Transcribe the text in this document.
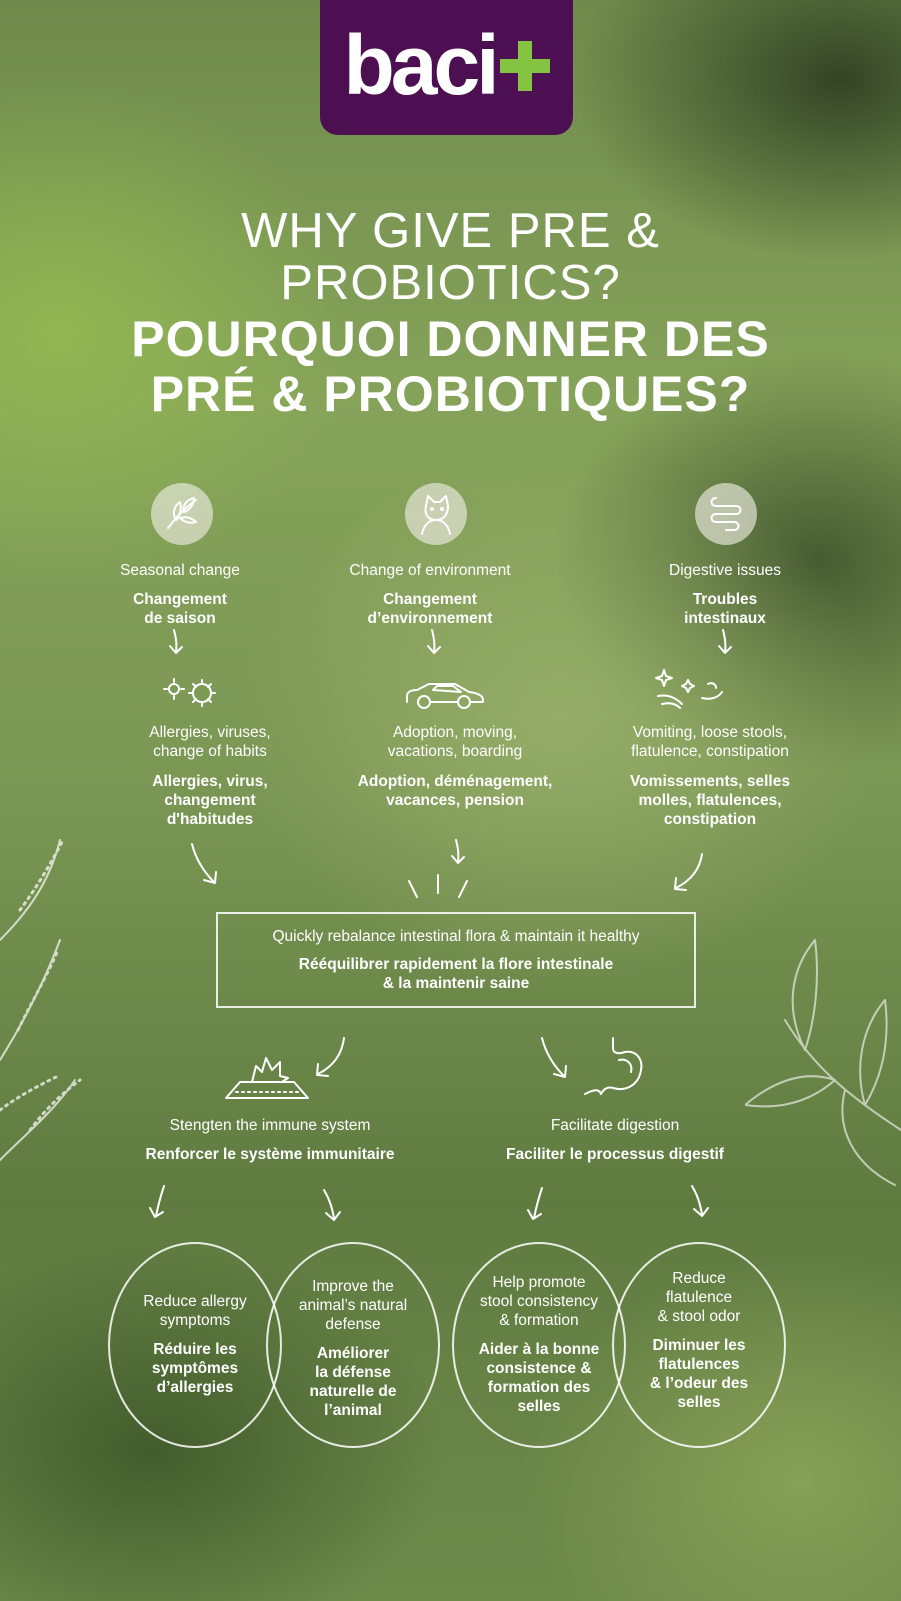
baci
WHY GIVE PRE &
PROBIOTICS?
POURQUOI DONNER DES
PRÉ & PROBIOTIQUES?
Seasonal change
Changement
de saison
Allergies, viruses,
change of habits
Allergies, virus,
changement
d'habitudes
Change of environment
Changement
d’environnement
Adoption, moving,
vacations, boarding
Adoption, déménagement,
vacances, pension
Digestive issues
Troubles
intestinaux
Vomiting, loose stools,
flatulence, constipation
Vomissements, selles
molles, flatulences,
constipation
Quickly rebalance intestinal flora & maintain it healthy
Rééquilibrer rapidement la flore intestinale
& la maintenir saine
Stengten the immune system
Renforcer le système immunitaire
Facilitate digestion
Faciliter le processus digestif
Reduce allergy
symptoms
Réduire les
symptômes
d’allergies
Improve the
animal’s natural
defense
Améliorer
la défense
naturelle de
l’animal
Help promote
stool consistency
& formation
Aider à la bonne
consistence &
formation des
selles
Reduce
flatulence
& stool odor
Diminuer les
flatulences
& l’odeur des
selles
